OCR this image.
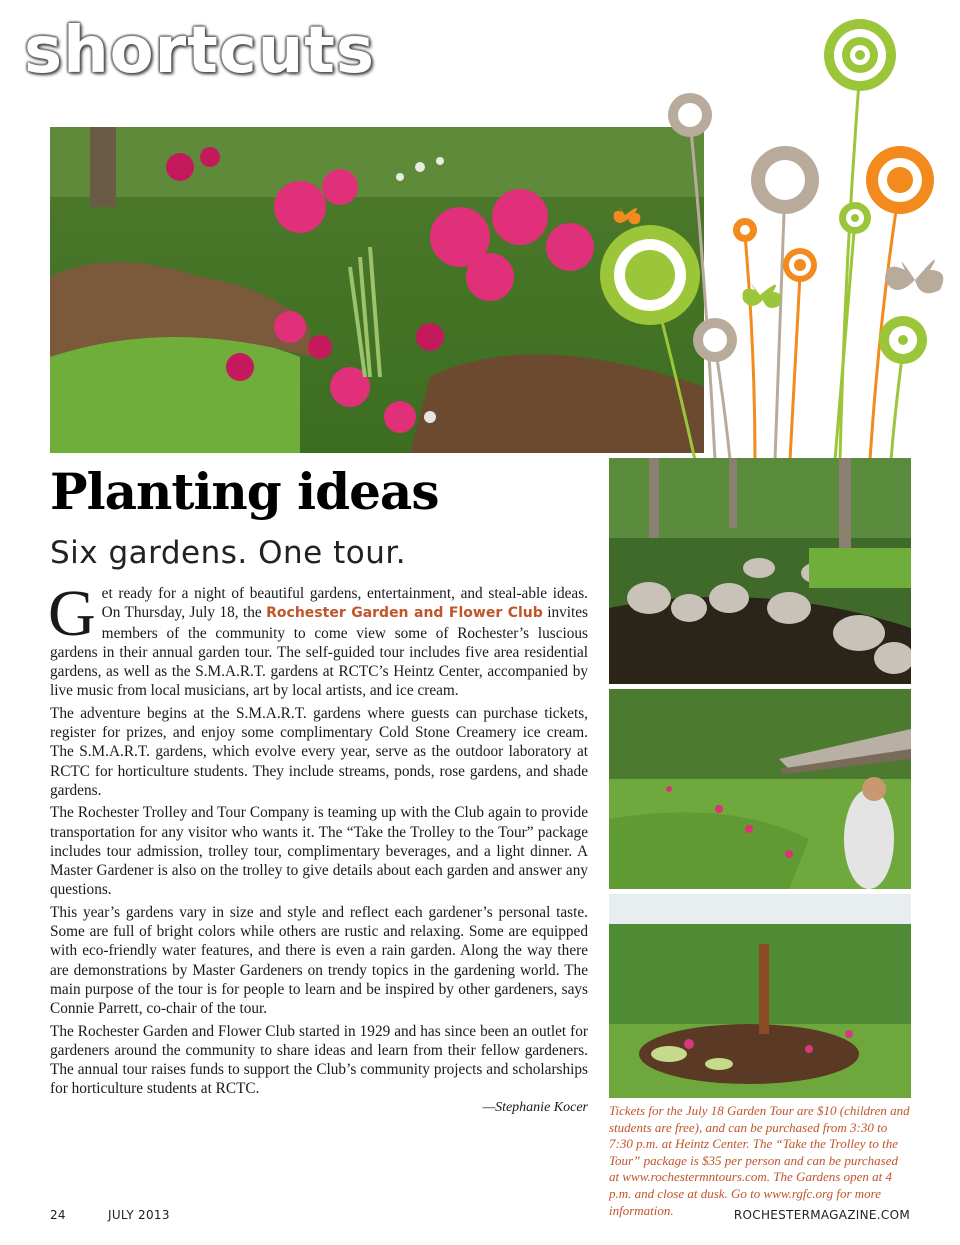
shortcuts
Planting ideas
Six gardens. One tour.

Get ready for a night of beautiful gardens, entertainment, and steal-able ideas. On Thursday, July 18, the Rochester Garden and Flower Club invites members of the community to come view some of Rochester’s luscious gardens in their annual garden tour. The self-guided tour includes five area residential gardens, as well as the S.M.A.R.T. gardens at RCTC’s Heintz Center, accompanied by live music from local musicians, art by local artists, and ice cream.

The adventure begins at the S.M.A.R.T. gardens where guests can purchase tickets, register for prizes, and enjoy some complimentary Cold Stone Creamery ice cream. The S.M.A.R.T. gardens, which evolve every year, serve as the outdoor laboratory at RCTC for horticulture students. They include streams, ponds, rose gardens, and shade gardens.

The Rochester Trolley and Tour Company is teaming up with the Club again to provide transportation for any visitor who wants it. The “Take the Trolley to the Tour” package includes tour admission, trolley tour, complimentary beverages, and a light dinner. A Master Gardener is also on the trolley to give details about each garden and answer any questions.

This year’s gardens vary in size and style and reflect each gardener’s personal taste. Some are full of bright colors while others are rustic and relaxing. Some are equipped with eco-friendly water features, and there is even a rain garden. Along the way there are demonstrations by Master Gardeners on trendy topics in the gardening world. The main purpose of the tour is for people to learn and be inspired by other gardeners, says Connie Parrett, co-chair of the tour.

The Rochester Garden and Flower Club started in 1929 and has since been an outlet for gardeners around the community to share ideas and learn from their fellow gardeners. The annual tour raises funds to support the Club’s community projects and scholarships for horticulture students at RCTC.

—Stephanie Kocer Tickets for the July 18 Garden Tour are $10 (children and students are free), and can be purchased from 3:30 to 7:30 p.m. at Heintz Center. The “Take the Trolley to the Tour” package is $35 per person and can be purchased at www.rochestermntours.com. The Gardens open at 4 p.m. and close at dusk. Go to www.rgfc.org for more information.
24	JULY 2013	ROCHESTERMAGAZINE.COM
